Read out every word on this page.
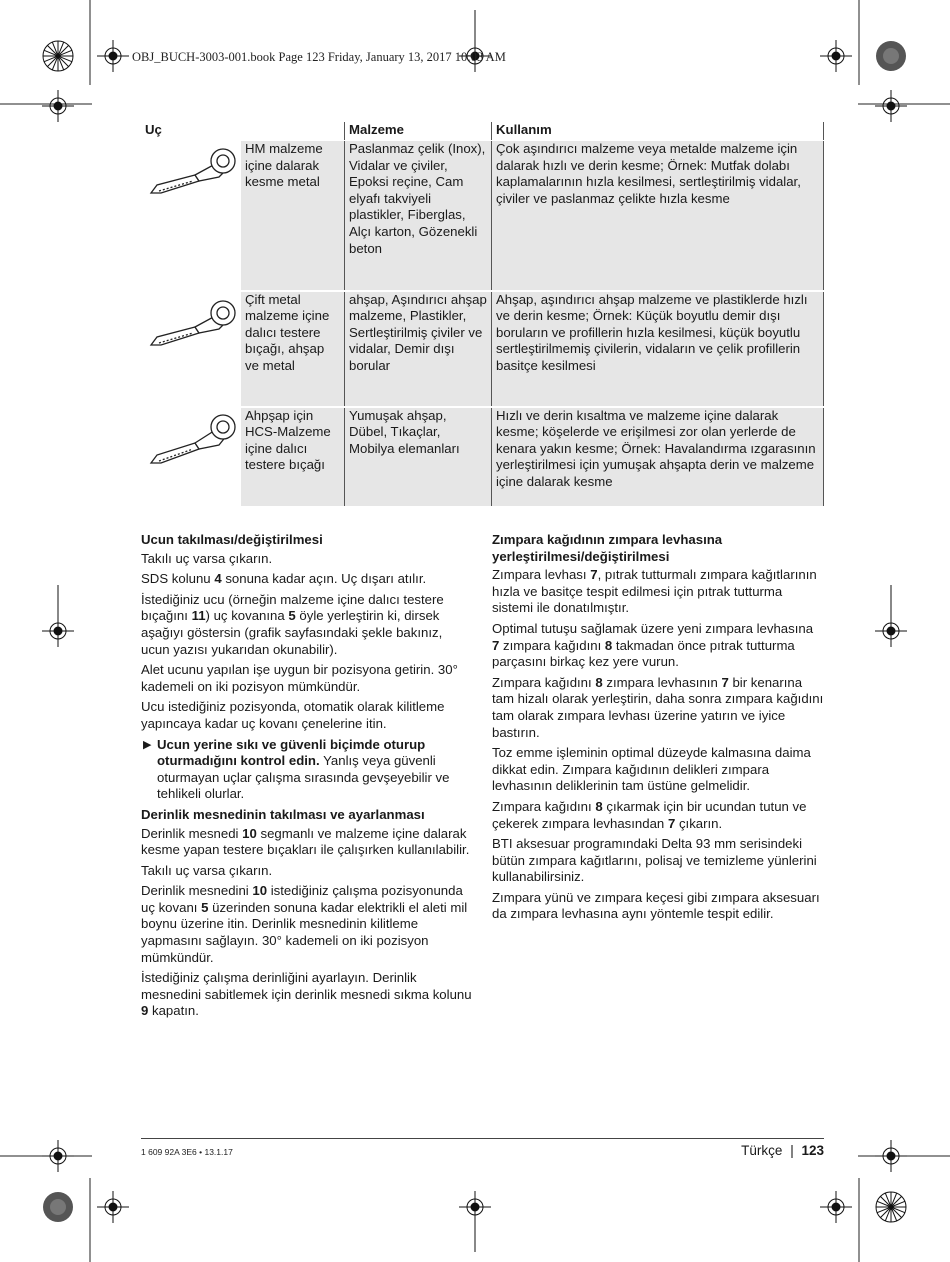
OBJ_BUCH-3003-001.book Page 123 Friday, January 13, 2017 10:03 AM
Uç		Malzeme	Kullanım

	HM malzeme içine dalarak kesme metal	Paslanmaz çelik (Inox), Vidalar ve çiviler, Epoksi reçine, Cam elyafı takviyeli plastikler, Fiberglas, Alçı karton, Gözenekli beton	Çok aşındırıcı malzeme veya metalde malzeme için dalarak hızlı ve derin kesme; Örnek: Mutfak dolabı kaplamalarının hızla kesilmesi, sertleştirilmiş vidalar, çiviler ve paslanmaz çelikte hızla kesme

	Çift metal malzeme içine dalıcı testere bıçağı, ahşap ve metal	ahşap, Aşındırıcı ahşap malzeme, Plastikler, Sertleştirilmiş çiviler ve vidalar, Demir dışı borular	Ahşap, aşındırıcı ahşap malzeme ve plastiklerde hızlı ve derin kesme; Örnek: Küçük boyutlu demir dışı boruların ve profillerin hızla kesilmesi, küçük boyutlu sertleştirilmemiş çivilerin, vidaların ve çelik profillerin basitçe kesilmesi

	Ahpşap için HCS-Malzeme içine dalıcı testere bıçağı	Yumuşak ahşap, Dübel, Tıkaçlar, Mobilya elemanları	Hızlı ve derin kısaltma ve malzeme içine dalarak kesme; köşelerde ve erişilmesi zor olan yerlerde de kenara yakın kesme; Örnek: Havalandırma ızgarasının yerleştirilmesi için yumuşak ahşapta derin ve malzeme içine dalarak kesme
Ucun takılması/değiştirilmesi

Takılı uç varsa çıkarın.

SDS kolunu 4 sonuna kadar açın. Uç dışarı atılır.

İstediğiniz ucu (örneğin malzeme içine dalıcı testere bıçağını 11) uç kovanına 5 öyle yerleştirin ki, dirsek aşağıyı göstersin (grafik sayfasındaki şekle bakınız, ucun yazısı yukarıdan okunabilir).

Alet ucunu yapılan işe uygun bir pozisyona getirin. 30° kademeli on iki pozisyon mümkündür.

Ucu istediğiniz pozisyonda, otomatik olarak kilitleme yapıncaya kadar uç kovanı çenelerine itin.

▶ Ucun yerine sıkı ve güvenli biçimde oturup oturmadığını kontrol edin. Yanlış veya güvenli oturmayan uçlar çalışma sırasında gevşeyebilir ve tehlikeli olurlar.

Derinlik mesnedinin takılması ve ayarlanması

Derinlik mesnedi 10 segmanlı ve malzeme içine dalarak kesme yapan testere bıçakları ile çalışırken kullanılabilir.

Takılı uç varsa çıkarın.

Derinlik mesnedini 10 istediğiniz çalışma pozisyonunda uç kovanı 5 üzerinden sonuna kadar elektrikli el aleti mil boynu üzerine itin. Derinlik mesnedinin kilitleme yapmasını sağlayın. 30° kademeli on iki pozisyon mümkündür.

İstediğiniz çalışma derinliğini ayarlayın. Derinlik mesnedini sabitlemek için derinlik mesnedi sıkma kolunu 9 kapatın.

Zımpara kağıdının zımpara levhasına yerleştirilmesi/değiştirilmesi

Zımpara levhası 7, pıtrak tutturmalı zımpara kağıtlarının hızla ve basitçe tespit edilmesi için pıtrak tutturma sistemi ile donatılmıştır.

Optimal tutuşu sağlamak üzere yeni zımpara levhasına 7 zımpara kağıdını 8 takmadan önce pıtrak tutturma parçasını birkaç kez yere vurun.

Zımpara kağıdını 8 zımpara levhasının 7 bir kenarına tam hizalı olarak yerleştirin, daha sonra zımpara kağıdını tam olarak zımpara levhası üzerine yatırın ve iyice bastırın.

Toz emme işleminin optimal düzeyde kalmasına daima dikkat edin. Zımpara kağıdının delikleri zımpara levhasının deliklerinin tam üstüne gelmelidir.

Zımpara kağıdını 8 çıkarmak için bir ucundan tutun ve çekerek zımpara levhasından 7 çıkarın.

BTI aksesuar programındaki Delta 93 mm serisindeki bütün zımpara kağıtlarını, polisaj ve temizleme yünlerini kullanabilirsiniz.

Zımpara yünü ve zımpara keçesi gibi zımpara aksesuarı da zımpara levhasına aynı yöntemle tespit edilir.

1 609 92A 3E6 • 13.1.17	Türkçe | 123
